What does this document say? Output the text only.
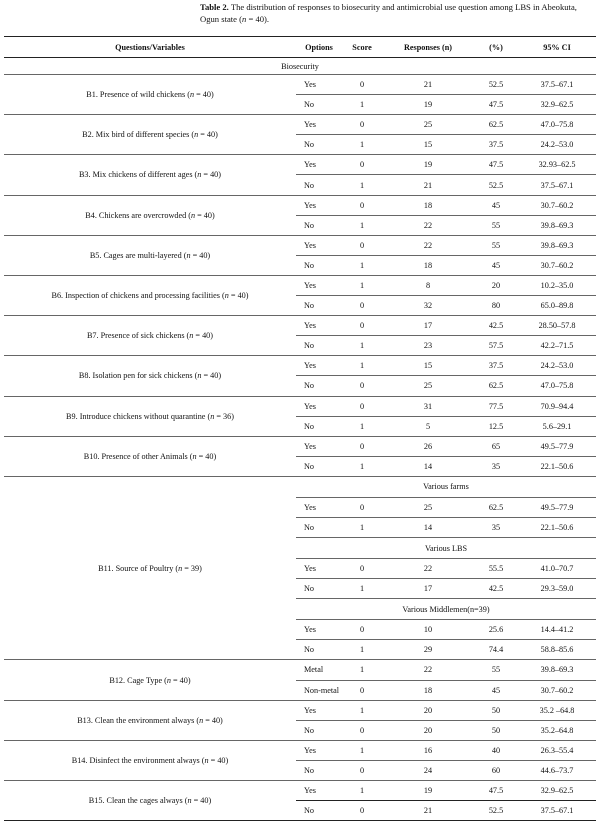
Table 2. The distribution of responses to biosecurity and antimicrobial use question among LBS in Abeokuta, Ogun state (n = 40).
Questions/Variables	Options	Score	Responses (n)	(%)	95% CI
Biosecurity					
B1. Presence of wild chickens (n = 40)	Yes	0	21	52.5	37.5–67.1
	No	1	19	47.5	32.9–62.5
B2. Mix bird of different species (n = 40)	Yes	0	25	62.5	47.0–75.8
	No	1	15	37.5	24.2–53.0
B3. Mix chickens of different ages (n = 40)	Yes	0	19	47.5	32.93–62.5
	No	1	21	52.5	37.5–67.1
B4. Chickens are overcrowded (n = 40)	Yes	0	18	45	30.7–60.2
	No	1	22	55	39.8–69.3
B5. Cages are multi-layered (n = 40)	Yes	0	22	55	39.8–69.3
	No	1	18	45	30.7–60.2
B6. Inspection of chickens and processing facilities (n = 40)	Yes	1	8	20	10.2–35.0
	No	0	32	80	65.0–89.8
B7. Presence of sick chickens (n = 40)	Yes	0	17	42.5	28.50–57.8
	No	1	23	57.5	42.2–71.5
B8. Isolation pen for sick chickens (n = 40)	Yes	1	15	37.5	24.2–53.0
	No	0	25	62.5	47.0–75.8
B9. Introduce chickens without quarantine (n = 36)	Yes	0	31	77.5	70.9–94.4
	No	1	5	12.5	5.6–29.1
B10. Presence of other Animals (n = 40)	Yes	0	26	65	49.5–77.9
	No	1	14	35	22.1–50.6
B11. Source of Poultry (n = 39)	Various farms				
	Yes	0	25	62.5	49.5–77.9
	No	1	14	35	22.1–50.6
	Various LBS				
	Yes	0	22	55.5	41.0–70.7
	No	1	17	42.5	29.3–59.0
	Various Middlemen(n=39)				
	Yes	0	10	25.6	14.4–41.2
	No	1	29	74.4	58.8–85.6
B12. Cage Type (n = 40)	Metal	1	22	55	39.8–69.3
	Non-metal	0	18	45	30.7–60.2
B13. Clean the environment always (n = 40)	Yes	1	20	50	35.2 –64.8
	No	0	20	50	35.2–64.8
B14. Disinfect the environment always (n = 40)	Yes	1	16	40	26.3–55.4
	No	0	24	60	44.6–73.7
B15. Clean the cages always (n = 40)	Yes	1	19	47.5	32.9–62.5
	No	0	21	52.5	37.5–67.1
